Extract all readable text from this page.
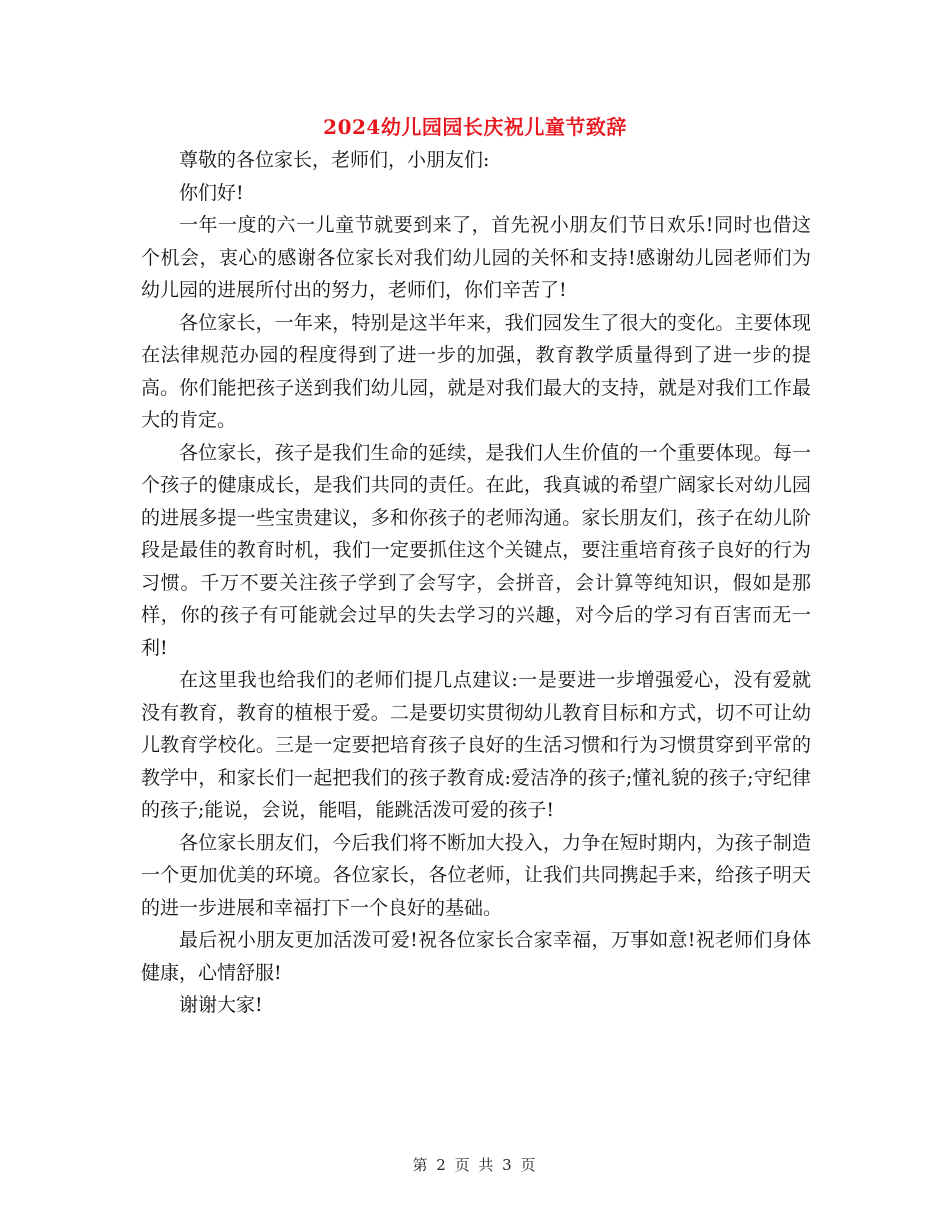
2024幼儿园园长庆祝儿童节致辞

尊敬的各位家长，老师们，小朋友们:

你们好!

一年一度的六一儿童节就要到来了，首先祝小朋友们节日欢乐!同时也借这个机会，衷心的感谢各位家长对我们幼儿园的关怀和支持!感谢幼儿园老师们为幼儿园的进展所付出的努力，老师们，你们辛苦了!

各位家长，一年来，特别是这半年来，我们园发生了很大的变化。主要体现在法律规范办园的程度得到了进一步的加强，教育教学质量得到了进一步的提高。你们能把孩子送到我们幼儿园，就是对我们最大的支持，就是对我们工作最大的肯定。

各位家长，孩子是我们生命的延续，是我们人生价值的一个重要体现。每一个孩子的健康成长，是我们共同的责任。在此，我真诚的希望广阔家长对幼儿园的进展多提一些宝贵建议，多和你孩子的老师沟通。家长朋友们，孩子在幼儿阶段是最佳的教育时机，我们一定要抓住这个关键点，要注重培育孩子良好的行为习惯。千万不要关注孩子学到了会写字，会拼音，会计算等纯知识，假如是那样，你的孩子有可能就会过早的失去学习的兴趣，对今后的学习有百害而无一利!

在这里我也给我们的老师们提几点建议:一是要进一步增强爱心，没有爱就没有教育，教育的植根于爱。二是要切实贯彻幼儿教育目标和方式，切不可让幼儿教育学校化。三是一定要把培育孩子良好的生活习惯和行为习惯贯穿到平常的教学中，和家长们一起把我们的孩子教育成:爱洁净的孩子;懂礼貌的孩子;守纪律的孩子;能说，会说，能唱，能跳活泼可爱的孩子!

各位家长朋友们，今后我们将不断加大投入，力争在短时期内，为孩子制造一个更加优美的环境。各位家长，各位老师，让我们共同携起手来，给孩子明天的进一步进展和幸福打下一个良好的基础。

最后祝小朋友更加活泼可爱!祝各位家长合家幸福，万事如意!祝老师们身体健康，心情舒服!

谢谢大家!

第 2 页 共 3 页
